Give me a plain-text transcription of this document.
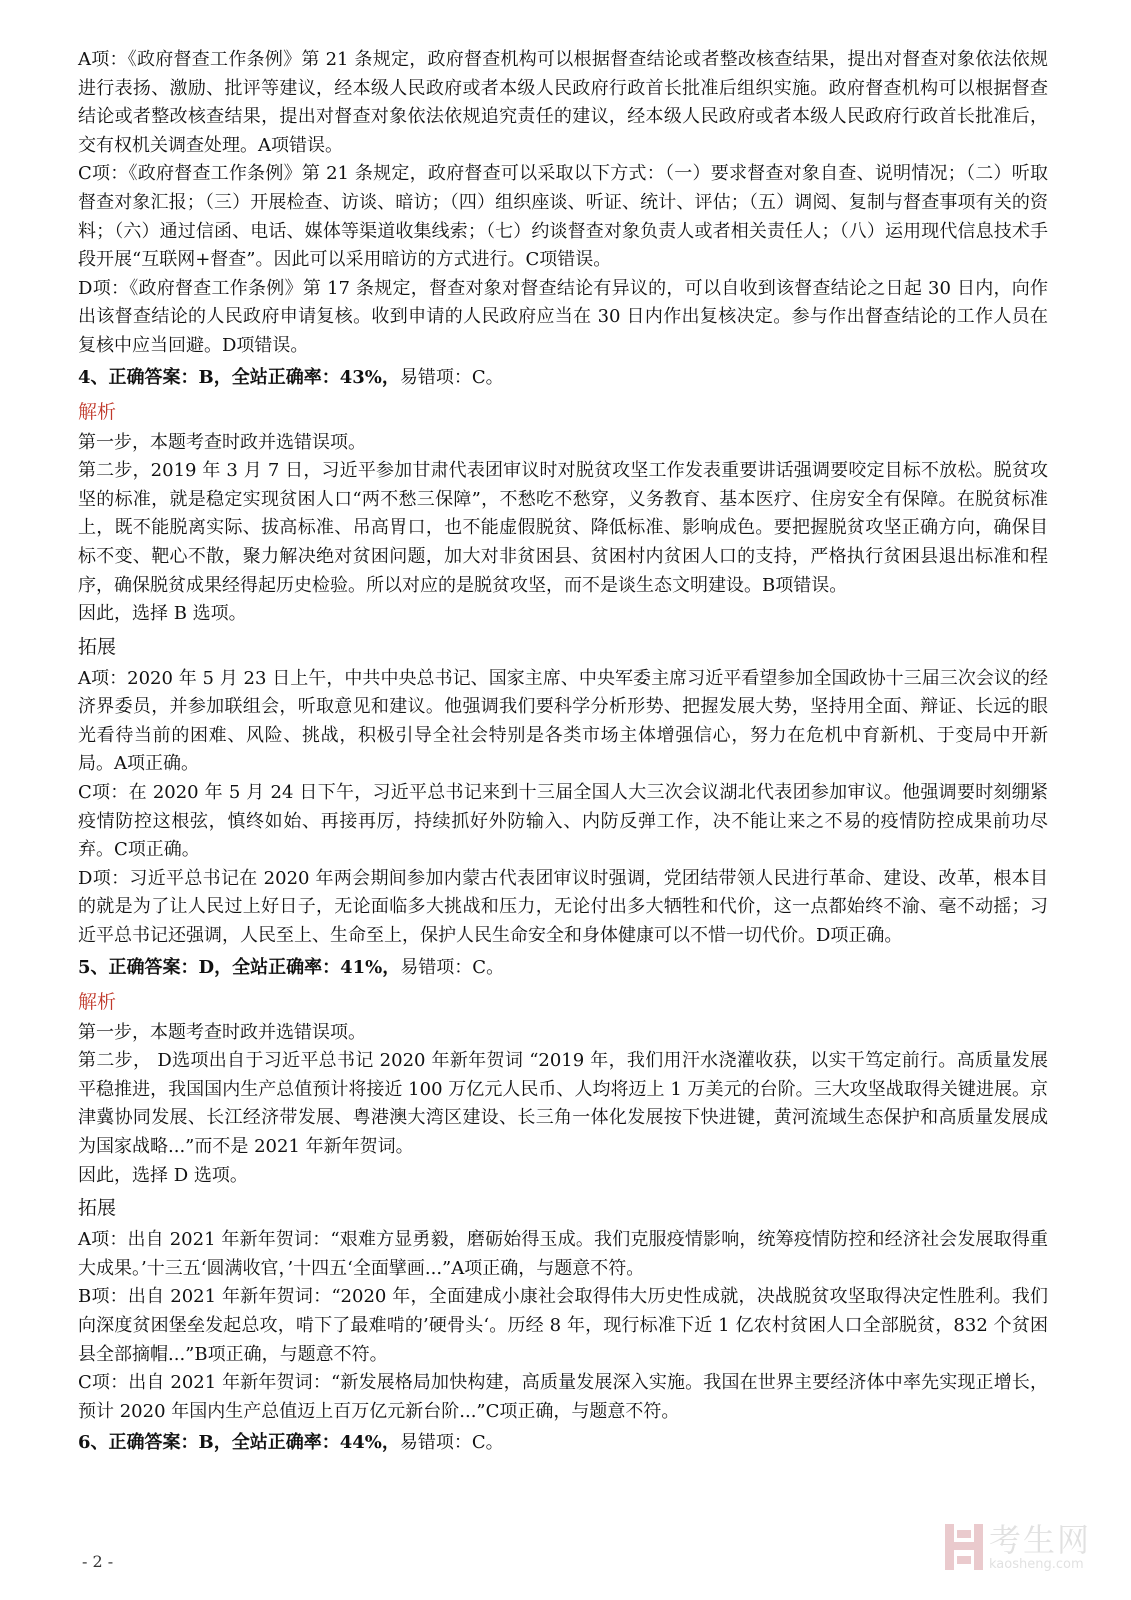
A项：《政府督查工作条例》第 21 条规定，政府督查机构可以根据督查结论或者整改核查结果，提出对督查对象依法依规进行表扬、激励、批评等建议，经本级人民政府或者本级人民政府行政首长批准后组织实施。政府督查机构可以根据督查结论或者整改核查结果，提出对督查对象依法依规追究责任的建议，经本级人民政府或者本级人民政府行政首长批准后，交有权机关调查处理。A项错误。

C项：《政府督查工作条例》第 21 条规定，政府督查可以采取以下方式：（一）要求督查对象自查、说明情况；（二）听取督查对象汇报；（三）开展检查、访谈、暗访；（四）组织座谈、听证、统计、评估；（五）调阅、复制与督查事项有关的资料；（六）通过信函、电话、媒体等渠道收集线索；（七）约谈督查对象负责人或者相关责任人；（八）运用现代信息技术手段开展“互联网+督查”。因此可以采用暗访的方式进行。C项错误。

D项：《政府督查工作条例》第 17 条规定，督查对象对督查结论有异议的，可以自收到该督查结论之日起 30 日内，向作出该督查结论的人民政府申请复核。收到申请的人民政府应当在 30 日内作出复核决定。参与作出督查结论的工作人员在复核中应当回避。D项错误。

4、正确答案：B，全站正确率：43%，易错项：C。
解析

第一步，本题考查时政并选错误项。

第二步，2019 年 3 月 7 日，习近平参加甘肃代表团审议时对脱贫攻坚工作发表重要讲话强调要咬定目标不放松。脱贫攻坚的标准，就是稳定实现贫困人口“两不愁三保障”，不愁吃不愁穿，义务教育、基本医疗、住房安全有保障。在脱贫标准上，既不能脱离实际、拔高标准、吊高胃口，也不能虚假脱贫、降低标准、影响成色。要把握脱贫攻坚正确方向，确保目标不变、靶心不散，聚力解决绝对贫困问题，加大对非贫困县、贫困村内贫困人口的支持，严格执行贫困县退出标准和程序，确保脱贫成果经得起历史检验。所以对应的是脱贫攻坚，而不是谈生态文明建设。B项错误。

因此，选择 B 选项。

拓展

A项：2020 年 5 月 23 日上午，中共中央总书记、国家主席、中央军委主席习近平看望参加全国政协十三届三次会议的经济界委员，并参加联组会，听取意见和建议。他强调我们要科学分析形势、把握发展大势，坚持用全面、辩证、长远的眼光看待当前的困难、风险、挑战，积极引导全社会特别是各类市场主体增强信心，努力在危机中育新机、于变局中开新局。A项正确。

C项：在 2020 年 5 月 24 日下午，习近平总书记来到十三届全国人大三次会议湖北代表团参加审议。他强调要时刻绷紧疫情防控这根弦，慎终如始、再接再厉，持续抓好外防输入、内防反弹工作，决不能让来之不易的疫情防控成果前功尽弃。C项正确。

D项：习近平总书记在 2020 年两会期间参加内蒙古代表团审议时强调，党团结带领人民进行革命、建设、改革，根本目的就是为了让人民过上好日子，无论面临多大挑战和压力，无论付出多大牺牲和代价，这一点都始终不渝、毫不动摇；习近平总书记还强调，人民至上、生命至上，保护人民生命安全和身体健康可以不惜一切代价。D项正确。

5、正确答案：D，全站正确率：41%，易错项：C。
解析

第一步，本题考查时政并选错误项。

第二步， D选项出自于习近平总书记 2020 年新年贺词 “2019 年，我们用汗水浇灌收获，以实干笃定前行。高质量发展平稳推进，我国国内生产总值预计将接近 100 万亿元人民币、人均将迈上 1 万美元的台阶。三大攻坚战取得关键进展。京津冀协同发展、长江经济带发展、粤港澳大湾区建设、长三角一体化发展按下快进键，黄河流域生态保护和高质量发展成为国家战略...”而不是 2021 年新年贺词。

因此，选择 D 选项。

拓展

A项：出自 2021 年新年贺词：“艰难方显勇毅，磨砺始得玉成。我们克服疫情影响，统筹疫情防控和经济社会发展取得重大成果。’十三五‘圆满收官，’十四五‘全面擘画...”A项正确，与题意不符。

B项：出自 2021 年新年贺词：“2020 年，全面建成小康社会取得伟大历史性成就，决战脱贫攻坚取得决定性胜利。我们向深度贫困堡垒发起总攻，啃下了最难啃的’硬骨头‘。历经 8 年，现行标准下近 1 亿农村贫困人口全部脱贫，832 个贫困县全部摘帽...”B项正确，与题意不符。

C项：出自 2021 年新年贺词：“新发展格局加快构建，高质量发展深入实施。我国在世界主要经济体中率先实现正增长，预计 2020 年国内生产总值迈上百万亿元新台阶...”C项正确，与题意不符。

6、正确答案：B，全站正确率：44%，易错项：C。
- 2 -
考生网
kaosheng.com
